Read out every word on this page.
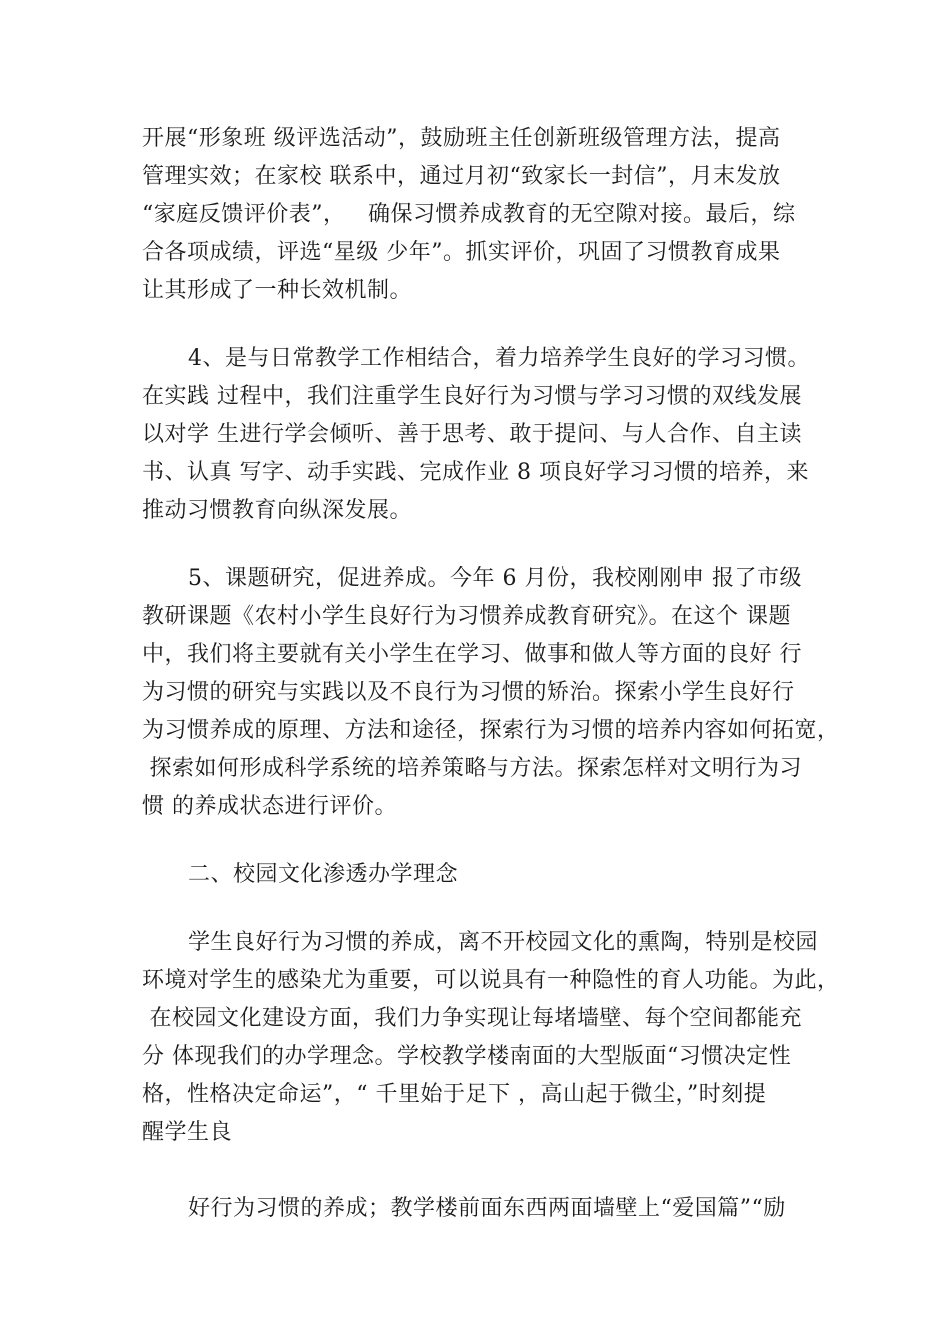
开展“形象班 级评选活动”，鼓励班主任创新班级管理方法，提高
管理实效；在家校 联系中，通过月初“致家长一封信”，月末发放
“家庭反馈评价表”，   确保习惯养成教育的无空隙对接。最后，综
合各项成绩，评选“星级 少年”。抓实评价，巩固了习惯教育成果
让其形成了一种长效机制。
4、是与日常教学工作相结合，着力培养学生良好的学习习惯。
在实践 过程中，我们注重学生良好行为习惯与学习习惯的双线发展
以对学 生进行学会倾听、善于思考、敢于提问、与人合作、自主读
书、认真 写字、动手实践、完成作业 8 项良好学习习惯的培养，来
推动习惯教育向纵深发展。
5、课题研究，促进养成。今年 6 月份，我校刚刚申 报了市级
教研课题《农村小学生良好行为习惯养成教育研究》。在这个 课题
中，我们将主要就有关小学生在学习、做事和做人等方面的良好 行
为习惯的研究与实践以及不良行为习惯的矫治。探索小学生良好行
为习惯养成的原理、方法和途径，探索行为习惯的培养内容如何拓宽，
探索如何形成科学系统的培养策略与方法。探索怎样对文明行为习
惯 的养成状态进行评价。
二、校园文化渗透办学理念
学生良好行为习惯的养成，离不开校园文化的熏陶，特别是校园
环境对学生的感染尤为重要，可以说具有一种隐性的育人功能。为此，
在校园文化建设方面，我们力争实现让每堵墙壁、每个空间都能充
分 体现我们的办学理念。学校教学楼南面的大型版面“习惯决定性
格，性格决定命运”，“ 千里始于足下 ，高山起于微尘，”时刻提
醒学生良
好行为习惯的养成；教学楼前面东西两面墙壁上“爱国篇”“励
